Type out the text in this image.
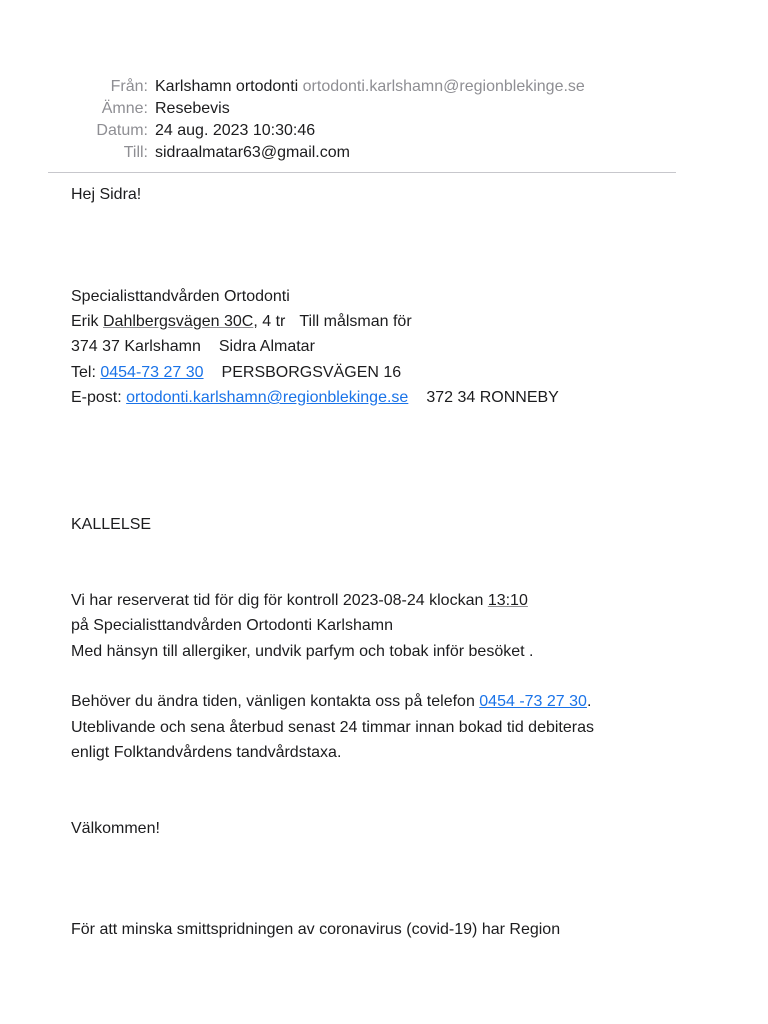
Från: Karlshamn ortodonti ortodonti.karlshamn@regionblekinge.se
Ämne: Resebevis
Datum: 24 aug. 2023 10:30:46
Till: sidraalmatar63@gmail.com
Hej Sidra!
Specialisttandvården Ortodonti
Erik Dahlbergsvägen 30C, 4 tr Till målsman för
374 37 Karlshamn Sidra Almatar
Tel: 0454-73 27 30 PERSBORGSVÄGEN 16
E-post: ortodonti.karlshamn@regionblekinge.se 372 34 RONNEBY
KALLELSE
Vi har reserverat tid för dig för kontroll 2023-08-24 klockan 13:10
på Specialisttandvården Ortodonti Karlshamn
Med hänsyn till allergiker, undvik parfym och tobak inför besöket .
Behöver du ändra tiden, vänligen kontakta oss på telefon 0454 -73 27 30.
Uteblivande och sena återbud senast 24 timmar innan bokad tid debiteras
enligt Folktandvårdens tandvårdstaxa.
Välkommen!
För att minska smittspridningen av coronavirus (covid-19) har Region
